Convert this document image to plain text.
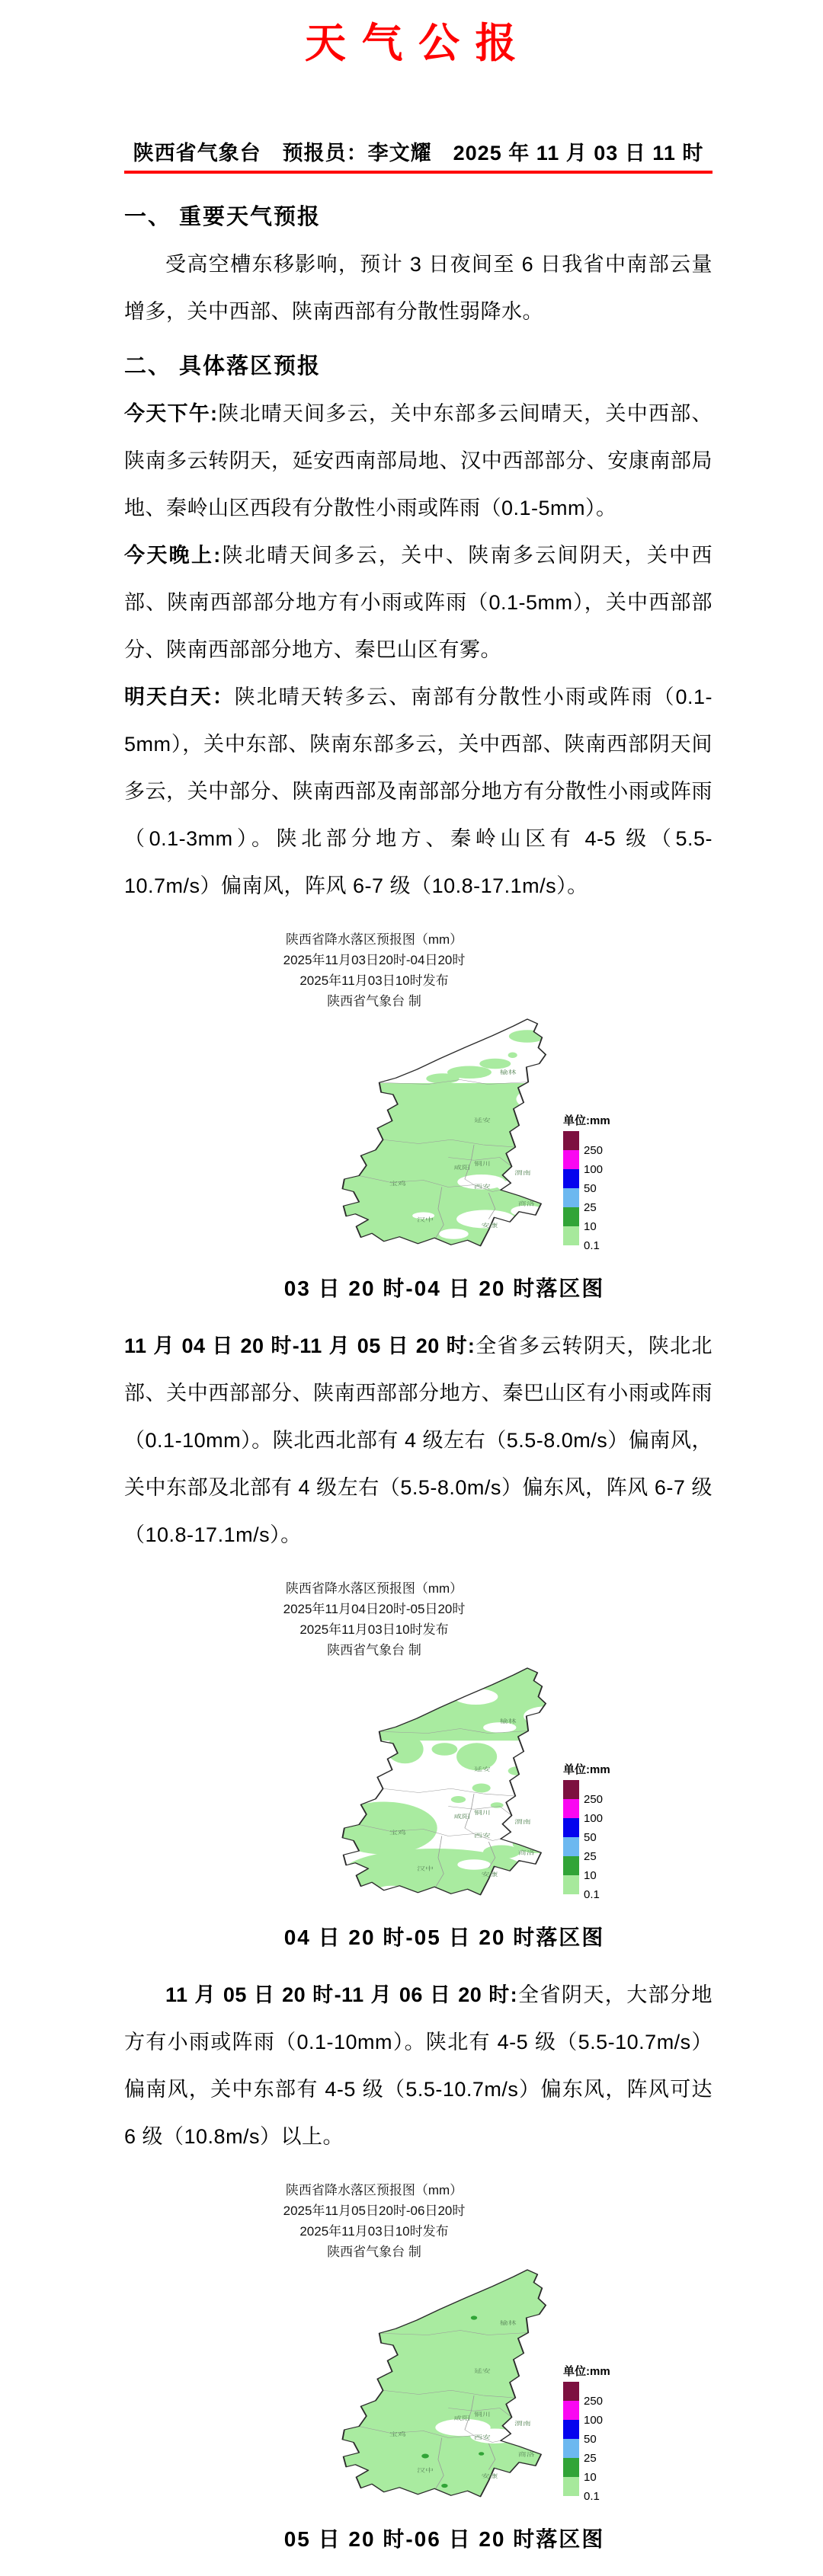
天气公报
陕西省气象台　预报员：李文耀　2025 年 11 月 03 日 11 时
一、 重要天气预报

受高空槽东移影响，预计 3 日夜间至 6 日我省中南部云量增多，关中西部、陕南西部有分散性弱降水。

二、 具体落区预报

今天下午:陕北晴天间多云，关中东部多云间晴天，关中西部、陕南多云转阴天，延安西南部局地、汉中西部部分、安康南部局地、秦岭山区西段有分散性小雨或阵雨（0.1-5mm）。

今天晚上:陕北晴天间多云，关中、陕南多云间阴天，关中西部、陕南西部部分地方有小雨或阵雨（0.1-5mm），关中西部部分、陕南西部部分地方、秦巴山区有雾。

明天白天：陕北晴天转多云、南部有分散性小雨或阵雨（0.1-5mm），关中东部、陕南东部多云，关中西部、陕南西部阴天间多云，关中部分、陕南西部及南部部分地方有分散性小雨或阵雨（0.1-3mm）。陕北部分地方、秦岭山区有 4-5 级（5.5-10.7m/s）偏南风，阵风 6-7 级（10.8-17.1m/s）。

陕西省降水落区预报图（mm）
2025年11月03日20时-04日20时
2025年11月03日10时发布
陕西省气象台 制
榆林
延安
铜川
渭南
咸阳
宝鸡
西安
商洛
汉中
安康
单位:mm
250
100
50
25
10
0.1
03 日 20 时-04 日 20 时落区图

11 月 04 日 20 时-11 月 05 日 20 时:全省多云转阴天，陕北北部、关中西部部分、陕南西部部分地方、秦巴山区有小雨或阵雨（0.1-10mm）。陕北西北部有 4 级左右（5.5-8.0m/s）偏南风，关中东部及北部有 4 级左右（5.5-8.0m/s）偏东风，阵风 6-7 级（10.8-17.1m/s）。

陕西省降水落区预报图（mm）
2025年11月04日20时-05日20时
2025年11月03日10时发布
陕西省气象台 制
榆林
延安
铜川
渭南
咸阳
宝鸡
西安
商洛
汉中
安康
单位:mm
250
100
50
25
10
0.1
04 日 20 时-05 日 20 时落区图

11 月 05 日 20 时-11 月 06 日 20 时:全省阴天，大部分地方有小雨或阵雨（0.1-10mm）。陕北有 4-5 级（5.5-10.7m/s）偏南风，关中东部有 4-5 级（5.5-10.7m/s）偏东风，阵风可达 6 级（10.8m/s）以上。

陕西省降水落区预报图（mm）
2025年11月05日20时-06日20时
2025年11月03日10时发布
陕西省气象台 制
榆林
延安
铜川
渭南
咸阳
宝鸡
西安
商洛
汉中
安康
单位:mm
250
100
50
25
10
0.1
05 日 20 时-06 日 20 时落区图
